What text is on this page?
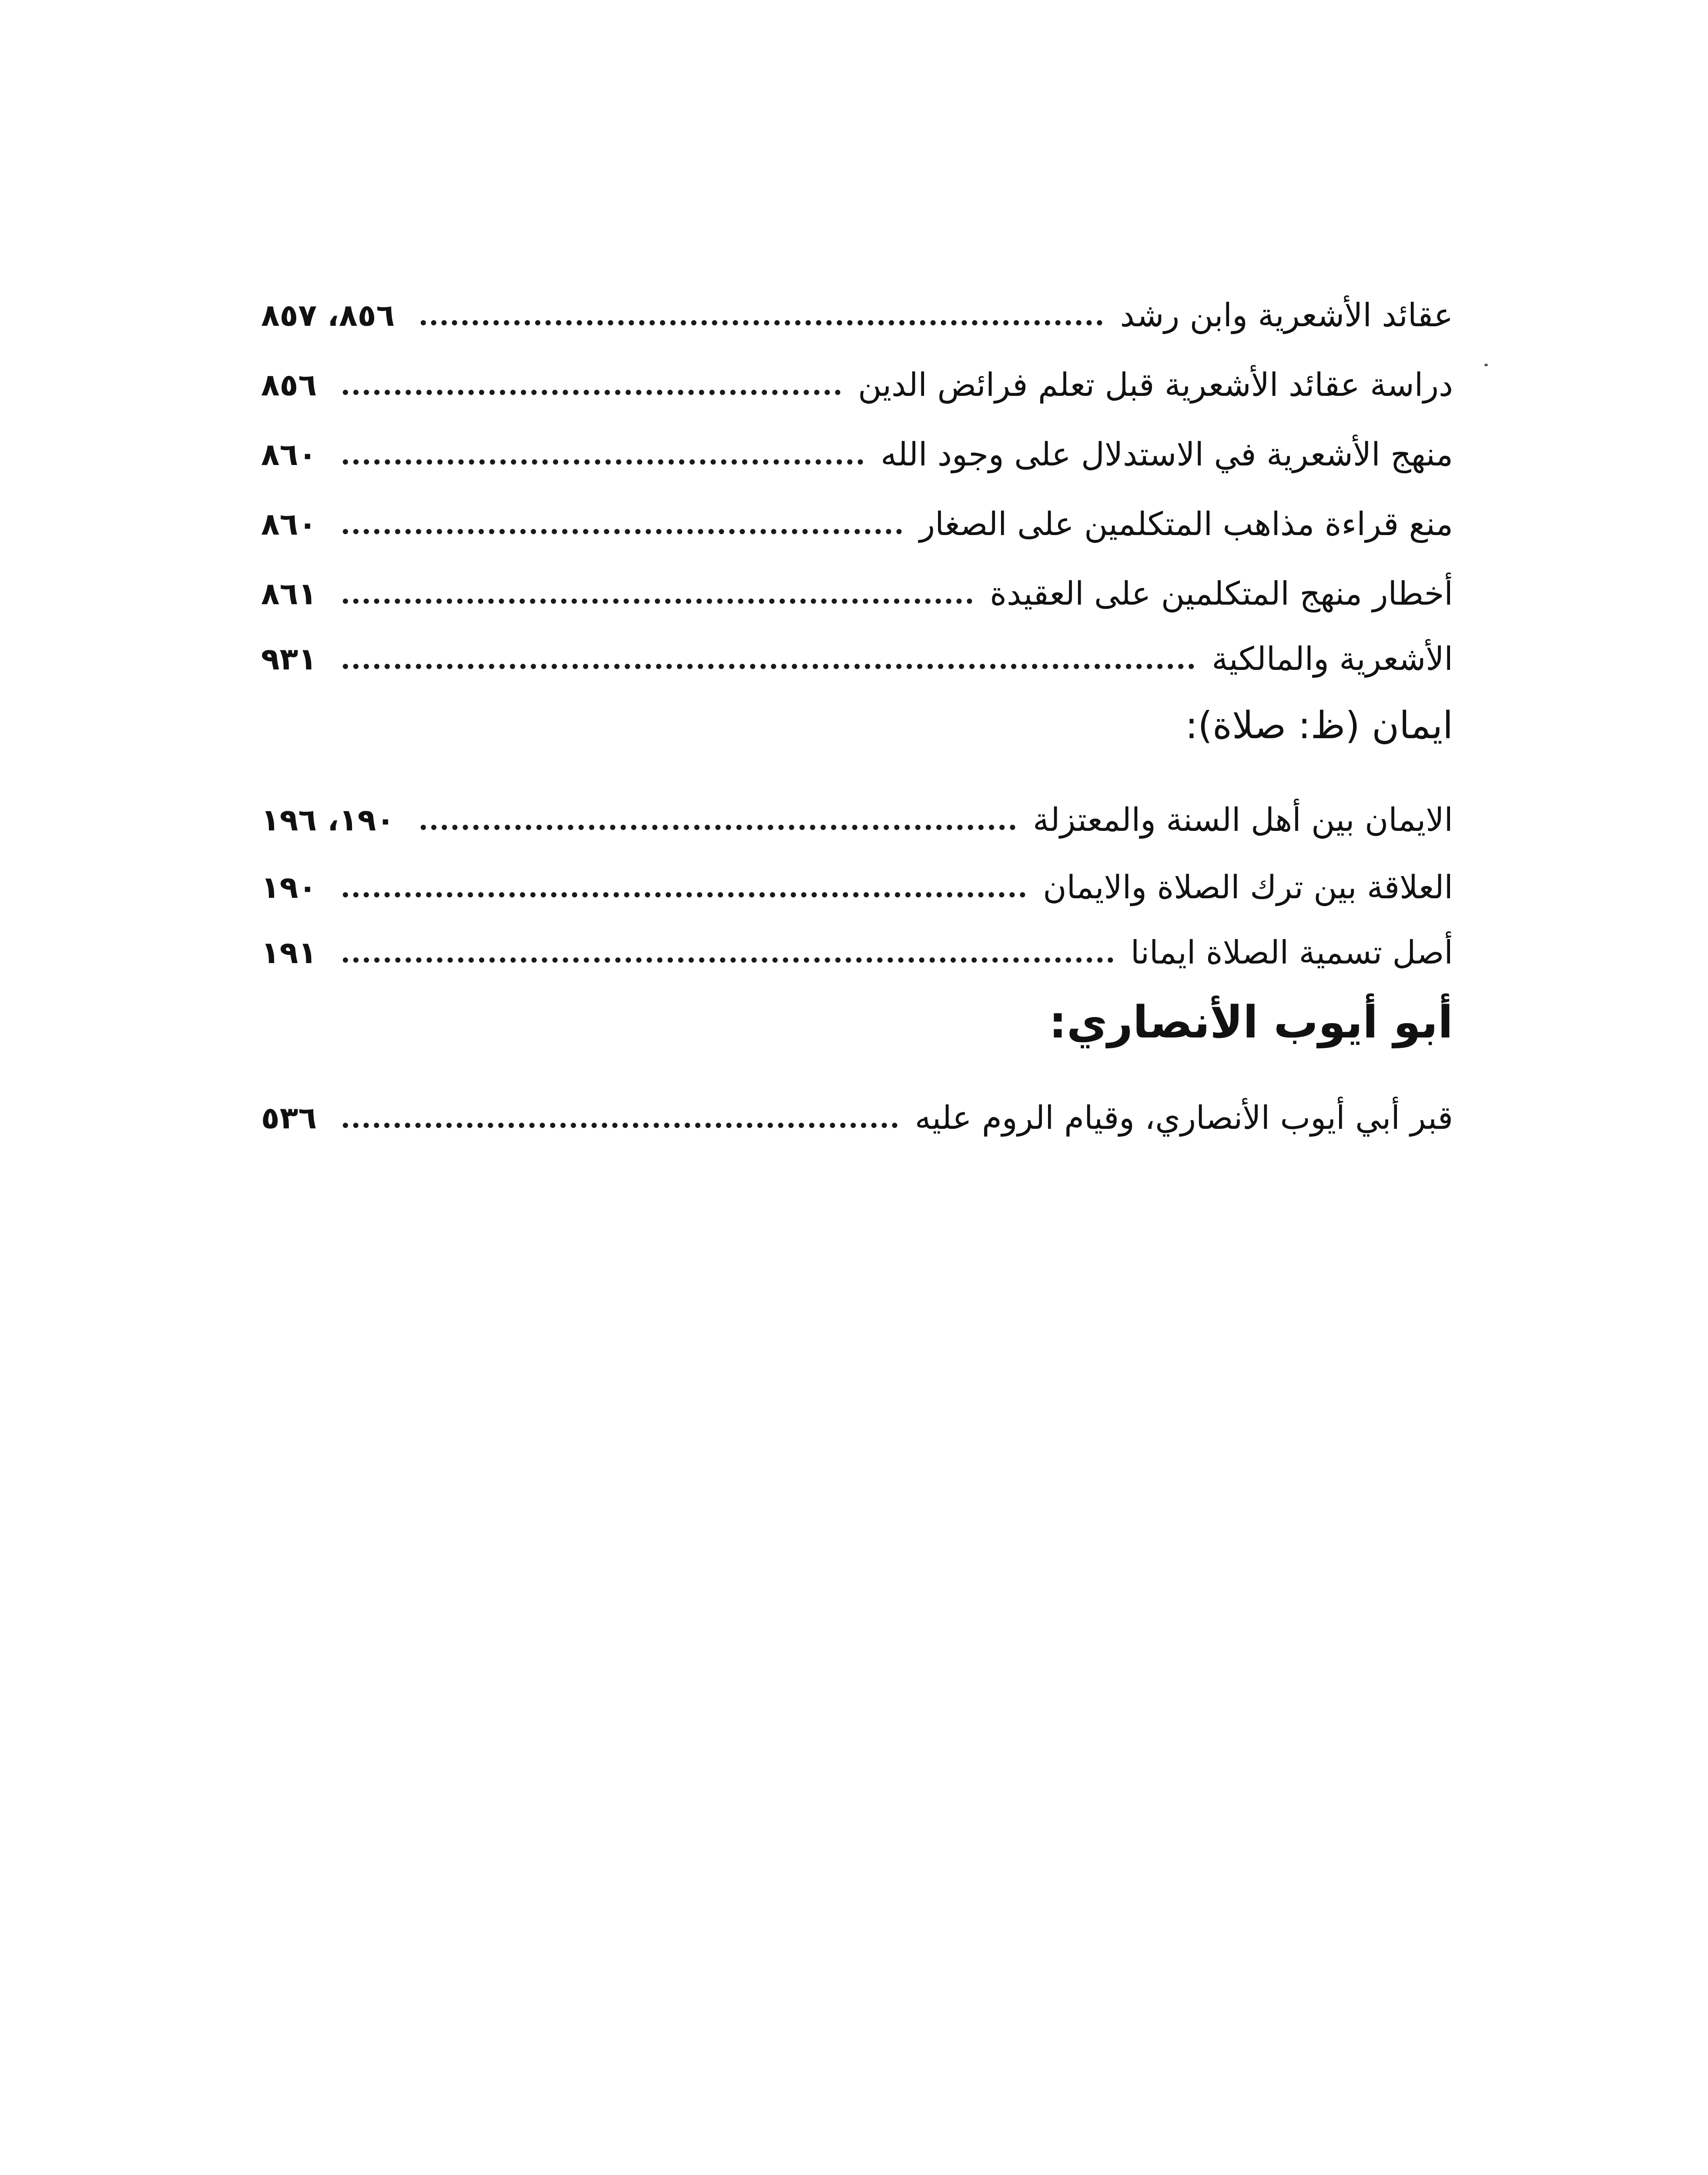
عقائد الأشعرية وابن رشد
٨٥٦، ٨٥٧
دراسة عقائد الأشعرية قبل تعلم فرائض الدين
٨٥٦
منهج الأشعرية في الاستدلال على وجود الله
٨٦٠
منع قراءة مذاهب المتكلمين على الصغار
٨٦٠
أخطار منهج المتكلمين على العقيدة
٨٦١
الأشعرية والمالكية
٩٣١
ايمان (ظ: صلاة):
الايمان بين أهل السنة والمعتزلة
١٩٠، ١٩٦
العلاقة بين ترك الصلاة والايمان
١٩٠
أصل تسمية الصلاة ايمانا
١٩١
أبو أيوب الأنصاري:
قبر أبي أيوب الأنصاري، وقيام الروم عليه
٥٣٦
